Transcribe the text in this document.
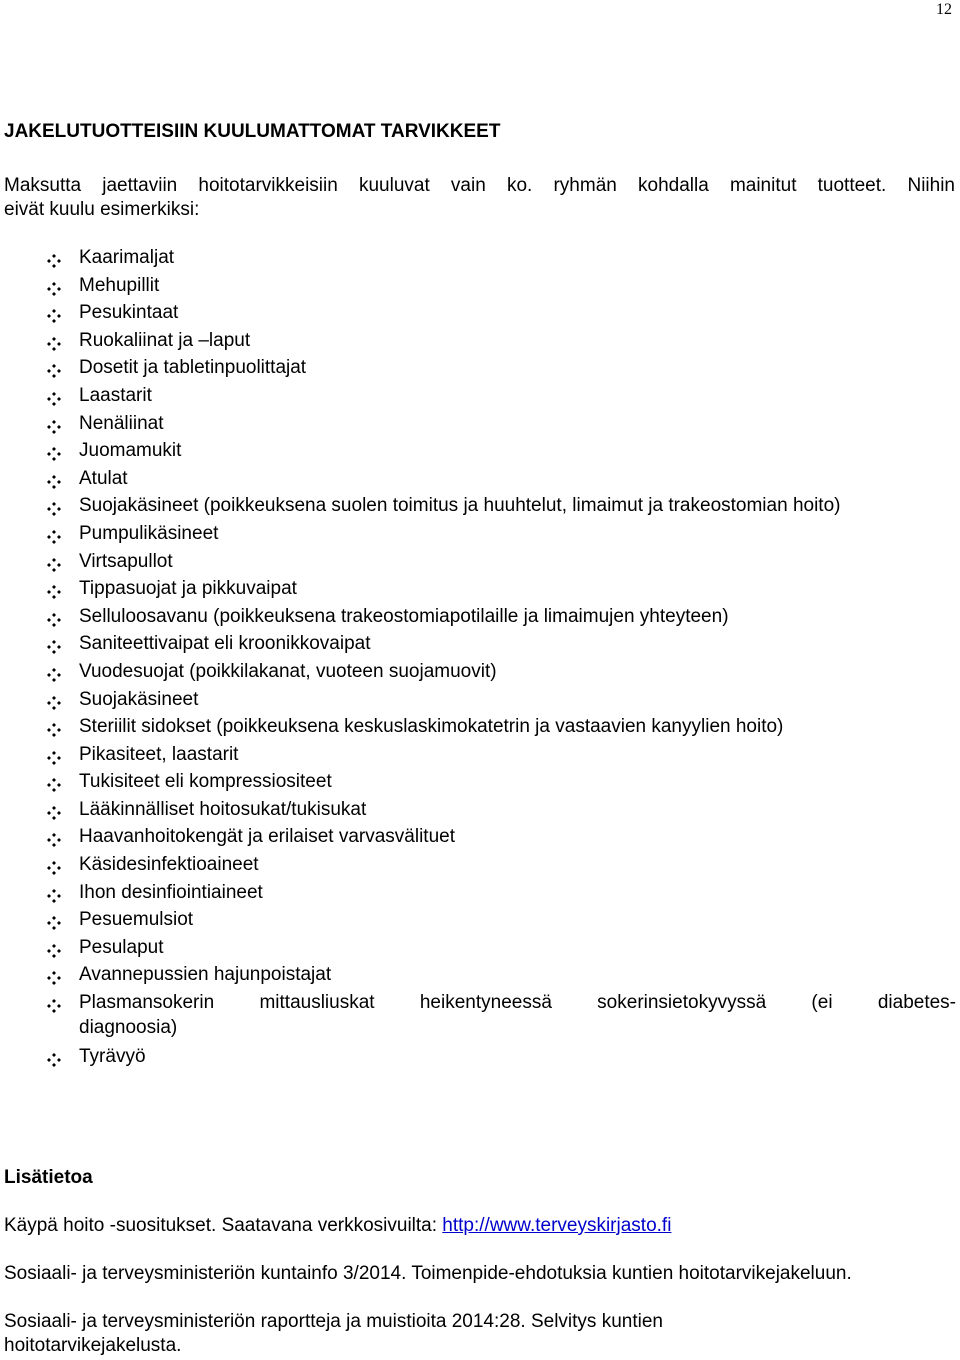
12
JAKELUTUOTTEISIIN KUULUMATTOMAT TARVIKKEET

Maksutta jaettaviin hoitotarvikkeisiin kuuluvat vain ko. ryhmän kohdalla mainitut tuotteet. Niihin
eivät kuulu esimerkiksi:

Kaarimaljat
Mehupillit
Pesukintaat
Ruokaliinat ja –laput
Dosetit ja tabletinpuolittajat
Laastarit
Nenäliinat
Juomamukit
Atulat
Suojakäsineet (poikkeuksena suolen toimitus ja huuhtelut, limaimut ja trakeostomian hoito)
Pumpulikäsineet
Virtsapullot
Tippasuojat ja pikkuvaipat
Selluloosavanu (poikkeuksena trakeostomiapotilaille ja limaimujen yhteyteen)
Saniteettivaipat eli kroonikkovaipat
Vuodesuojat (poikkilakanat, vuoteen suojamuovit)
Suojakäsineet
Steriilit sidokset (poikkeuksena keskuslaskimokatetrin ja vastaavien kanyylien hoito)
Pikasiteet, laastarit
Tukisiteet eli kompressiositeet
Lääkinnälliset hoitosukat/tukisukat
Haavanhoitokengät ja erilaiset varvasvälituet
Käsidesinfektioaineet
Ihon desinfiointiaineet
Pesuemulsiot
Pesulaput
Avannepussien hajunpoistajat
Plasmansokerin mittausliuskat heikentyneessä sokerinsietokyvyssä (ei diabetes-
diagnoosia)
Tyrävyö
Lisätietoa

Käypä hoito -suositukset. Saatavana verkkosivuilta: http://www.terveyskirjasto.fi

Sosiaali- ja terveysministeriön kuntainfo 3/2014. Toimenpide-ehdotuksia kuntien hoitotarvikejakeluun.

Sosiaali- ja terveysministeriön raportteja ja muistioita 2014:28. Selvitys kuntien
hoitotarvikejakelusta.
